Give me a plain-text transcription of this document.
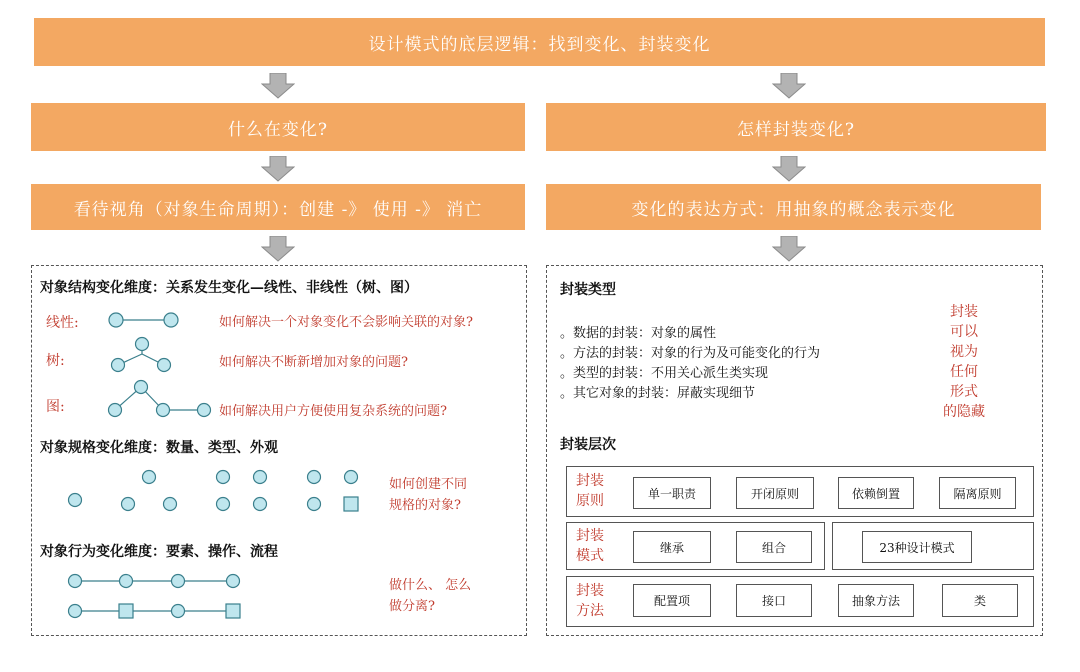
设计模式的底层逻辑：找到变化、封装变化
什么在变化?	怎样封装变化?
看待视角（对象生命周期）：创建 -》 使用 -》 消亡	变化的表达方式：用抽象的概念表示变化
对象结构变化维度：关系发生变化—线性、非线性（树、图）
线性:	如何解决一个对象变化不会影响关联的对象?
树:	如何解决不断新增加对象的问题?
图:	如何解决用户方便使用复杂系统的问题?
对象规格变化维度：数量、类型、外观
如何创建不同
规格的对象?
对象行为变化维度：要素、操作、流程
做什么、 怎么
做分离?
封装类型
。数据的封装：对象的属性
。方法的封装：对象的行为及可能变化的行为
。类型的封装：不用关心派生类实现
。其它对象的封装：屏蔽实现细节
封装
可以
视为
任何
形式
的隐藏
封装层次
封装
原则	单一职责	开闭原则	依赖倒置	隔离原则
封装
模式
继承	组合	23种设计模式
封装
方法
配置项	接口	抽象方法	类
